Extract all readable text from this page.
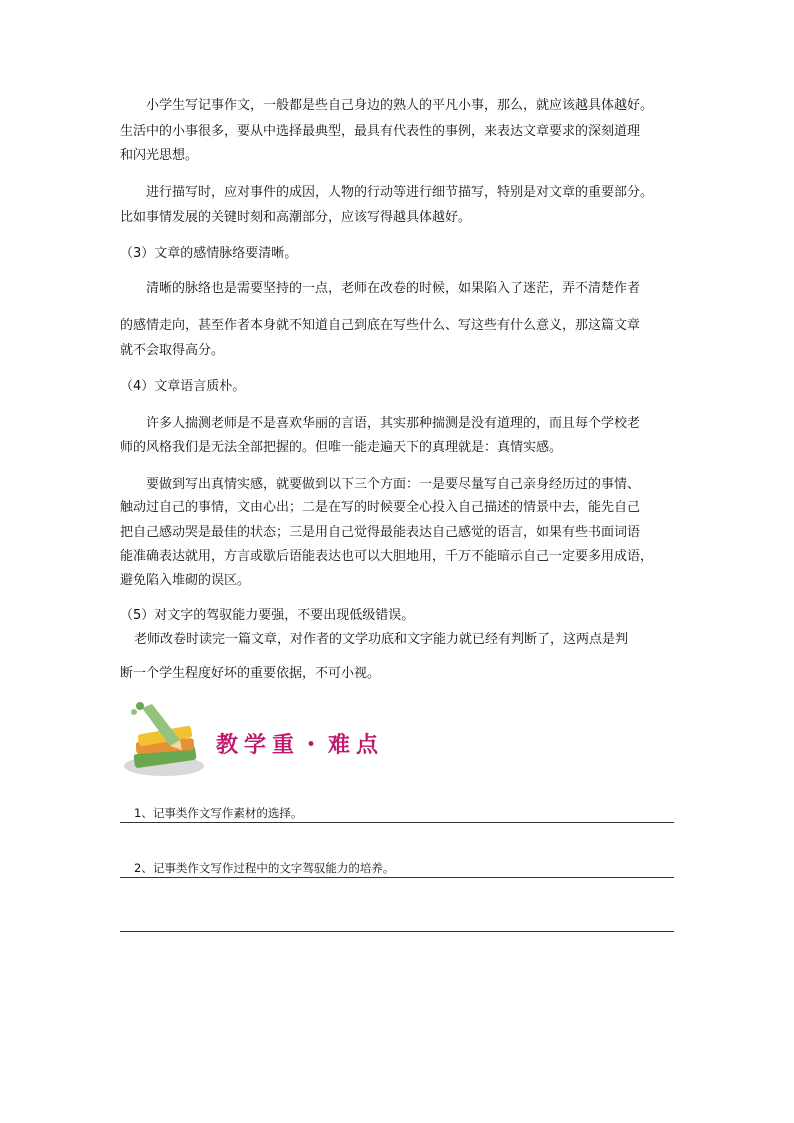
小学生写记事作文，一般都是些自己身边的熟人的平凡小事，那么，就应该越具体越好。
生活中的小事很多，要从中选择最典型，最具有代表性的事例，来表达文章要求的深刻道理
和闪光思想。
进行描写时，应对事件的成因，人物的行动等进行细节描写，特别是对文章的重要部分。
比如事情发展的关键时刻和高潮部分，应该写得越具体越好。
（3）文章的感情脉络要清晰。
清晰的脉络也是需要坚持的一点，老师在改卷的时候，如果陷入了迷茫，弄不清楚作者
的感情走向，甚至作者本身就不知道自己到底在写些什么、写这些有什么意义，那这篇文章
就不会取得高分。
（4）文章语言质朴。
许多人揣测老师是不是喜欢华丽的言语，其实那种揣测是没有道理的，而且每个学校老
师的风格我们是无法全部把握的。但唯一能走遍天下的真理就是：真情实感。
要做到写出真情实感，就要做到以下三个方面：一是要尽量写自己亲身经历过的事情、
触动过自己的事情，文由心出；二是在写的时候要全心投入自己描述的情景中去，能先自己
把自己感动哭是最佳的状态；三是用自己觉得最能表达自己感觉的语言，如果有些书面词语
能准确表达就用，方言或歇后语能表达也可以大胆地用，千万不能暗示自己一定要多用成语，
避免陷入堆砌的误区。
（5）对文字的驾驭能力要强，不要出现低级错误。
老师改卷时读完一篇文章，对作者的文学功底和文字能力就已经有判断了，这两点是判
断一个学生程度好坏的重要依据，不可小视。
教学重・难点
1、记事类作文写作素材的选择。
2、记事类作文写作过程中的文字驾驭能力的培养。
